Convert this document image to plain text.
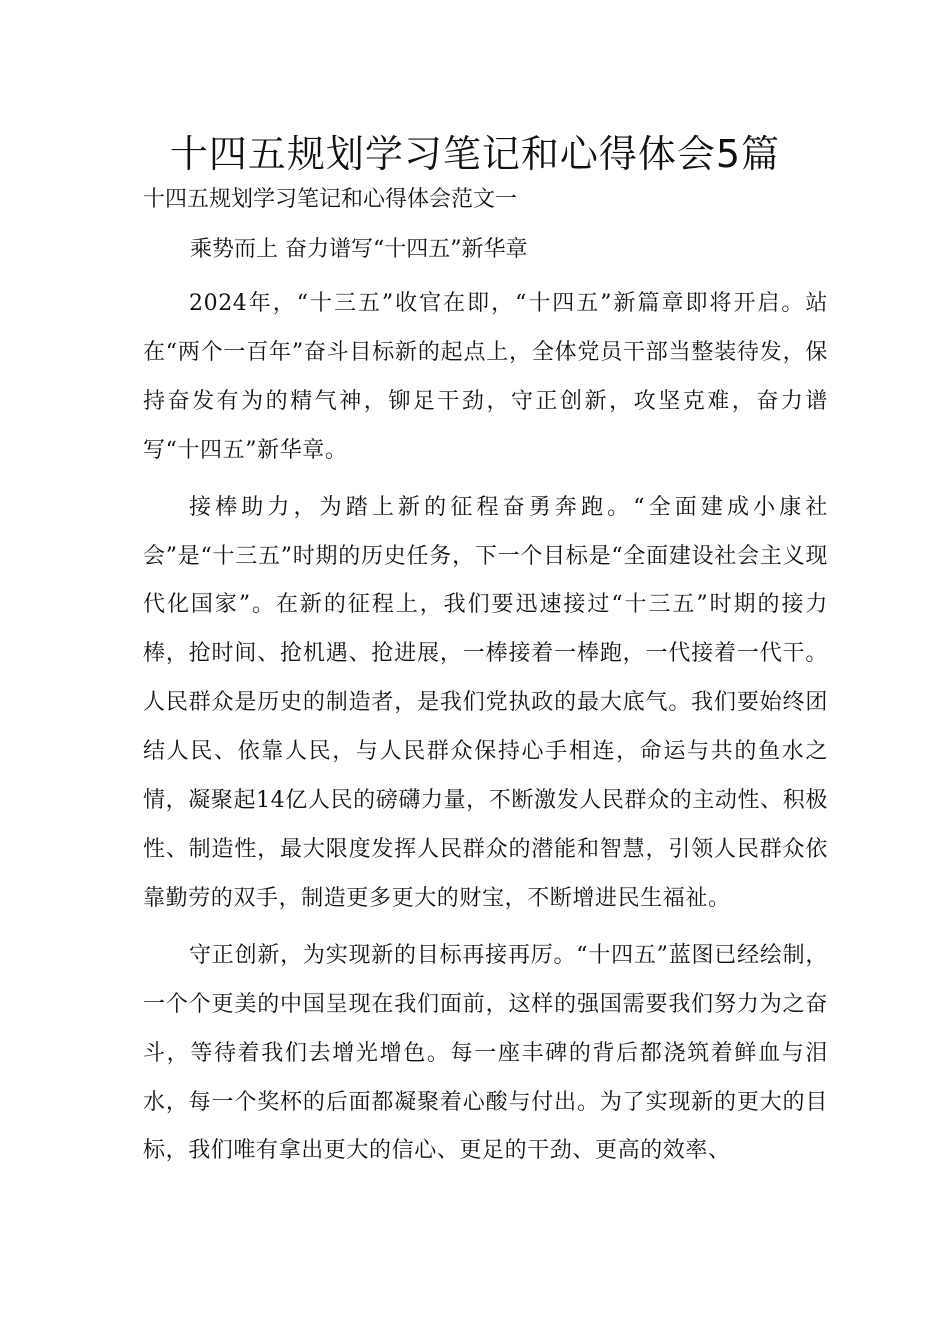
十四五规划学习笔记和心得体会5篇

十四五规划学习笔记和心得体会范文一

乘势而上 奋力谱写“十四五”新华章

2024年，“十三五”收官在即，“十四五”新篇章即将开启。站在“两个一百年”奋斗目标新的起点上，全体党员干部当整装待发，保持奋发有为的精气神，铆足干劲，守正创新，攻坚克难，奋力谱写“十四五”新华章。

接棒助力，为踏上新的征程奋勇奔跑。“全面建成小康社会”是“十三五”时期的历史任务，下一个目标是“全面建设社会主义现代化国家”。在新的征程上，我们要迅速接过“十三五”时期的接力棒，抢时间、抢机遇、抢进展，一棒接着一棒跑，一代接着一代干。人民群众是历史的制造者，是我们党执政的最大底气。我们要始终团结人民、依靠人民，与人民群众保持心手相连，命运与共的鱼水之情，凝聚起14亿人民的磅礴力量，不断激发人民群众的主动性、积极性、制造性，最大限度发挥人民群众的潜能和智慧，引领人民群众依靠勤劳的双手，制造更多更大的财宝，不断增进民生福祉。

守正创新，为实现新的目标再接再厉。“十四五”蓝图已经绘制，一个个更美的中国呈现在我们面前，这样的强国需要我们努力为之奋斗，等待着我们去增光增色。每一座丰碑的背后都浇筑着鲜血与泪水，每一个奖杯的后面都凝聚着心酸与付出。为了实现新的更大的目标，我们唯有拿出更大的信心、更足的干劲、更高的效率、
